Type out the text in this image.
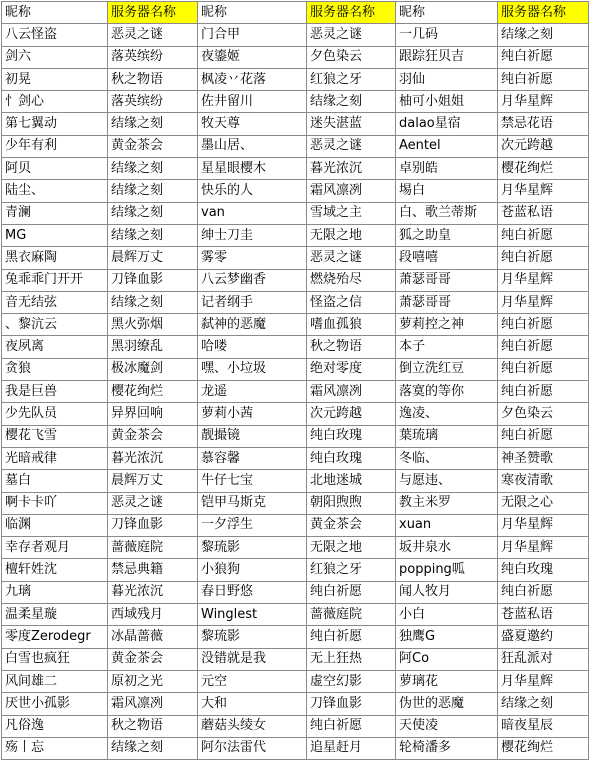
昵称	服务器名称	昵称	服务器名称	昵称	服务器名称
八云怪盗	恶灵之谜	门合甲	恶灵之谜	一几码	结缘之刻
剑六	落英缤纷	夜鎏姬	夕色染云	跟踪狂贝吉	纯白祈愿
初晃	秋之物语	枫凌丷花落	红狼之牙	羽仙	纯白祈愿
忄剑心	落英缤纷	佐井留川	结缘之刻	柚可小姐姐	月华星辉
第七翼动	结缘之刻	牧天尊	迷失湛蓝	dalao星宿	禁忌花语
少年有利	黄金茶会	墨山居、	恶灵之谜	Aentel	次元跨越
阿贝	结缘之刻	星星眼樱木	暮光浓沉	卓别皓	樱花绚烂
陆尘、	结缘之刻	快乐的人	霜风凛冽	埸白	月华星辉
青澜	结缘之刻	van	雪域之主	白、歌兰蒂斯	苍蓝私语
MG	结缘之刻	绅士刀圭	无限之地	狐之助皇	纯白祈愿
黑衣麻陶	晨辉万丈	雾零	恶灵之谜	段嘻嘻	纯白祈愿
兔乖乖门开开	刀锋血影	八云梦幽香	燃烧殆尽	萧瑟哥哥	月华星辉
音无结弦	结缘之刻	记者纲手	怪盗之信	萧瑟哥哥	月华星辉
、黎沆云	黑火弥烟	弑神的恶魔	嗜血孤狼	萝莉控之神	纯白祈愿
夜夙离	黑羽缭乱	哈喽	秋之物语	本子	纯白祈愿
贪狼	极冰魔剑	嘿、小垃圾	绝对零度	倒立洗红豆	纯白祈愿
我是巨兽	樱花绚烂	龙遥	霜风凛冽	落寞的等你	纯白祈愿
少先队员	异界回响	萝莉小茜	次元跨越	逸凌、	夕色染云
樱花飞雪	黄金茶会	靓撮镜	纯白玫瑰	葉琉璃	纯白祈愿
光暗戒律	暮光浓沉	慕容馨	纯白玫瑰	冬临、	神圣赞歌
墓白	晨辉万丈	牛仔七宝	北地迷城	与愿违、	寒夜清歌
啊卡卡吖	恶灵之谜	铠甲马斯克	朝阳煦煦	教主米罗	无限之心
临渊	刀锋血影	一夕浮生	黄金茶会	xuan	月华星辉
幸存者观月	蔷薇庭院	黎琉影	无限之地	坂井泉水	月华星辉
檀轩姓沈	禁忌典籍	小狼狗	红狼之牙	popping呱	纯白玫瑰
九璃	暮光浓沉	春日野悠	纯白祈愿	闻人牧月	纯白祈愿
温柔星璇	西域残月	Winglest	蔷薇庭院	小白	苍蓝私语
零度Zerodegr	冰晶蔷薇	黎琉影	纯白祈愿	独鹰G	盛夏邀约
白雪也疯狂	黄金茶会	没错就是我	无上狂热	阿Co	狂乱派对
风间雄二	原初之光	元空	虚空幻影	萝璃花	月华星辉
厌世小孤影	霜风凛冽	大和	刀锋血影	伪世的恶魔	结缘之刻
凡俗逸	秋之物语	蘑菇头绫女	纯白祈愿	天使凌	暗夜星辰
殇丨忘	结缘之刻	阿尔法雷代	追星赶月	轮椅潘多	樱花绚烂
